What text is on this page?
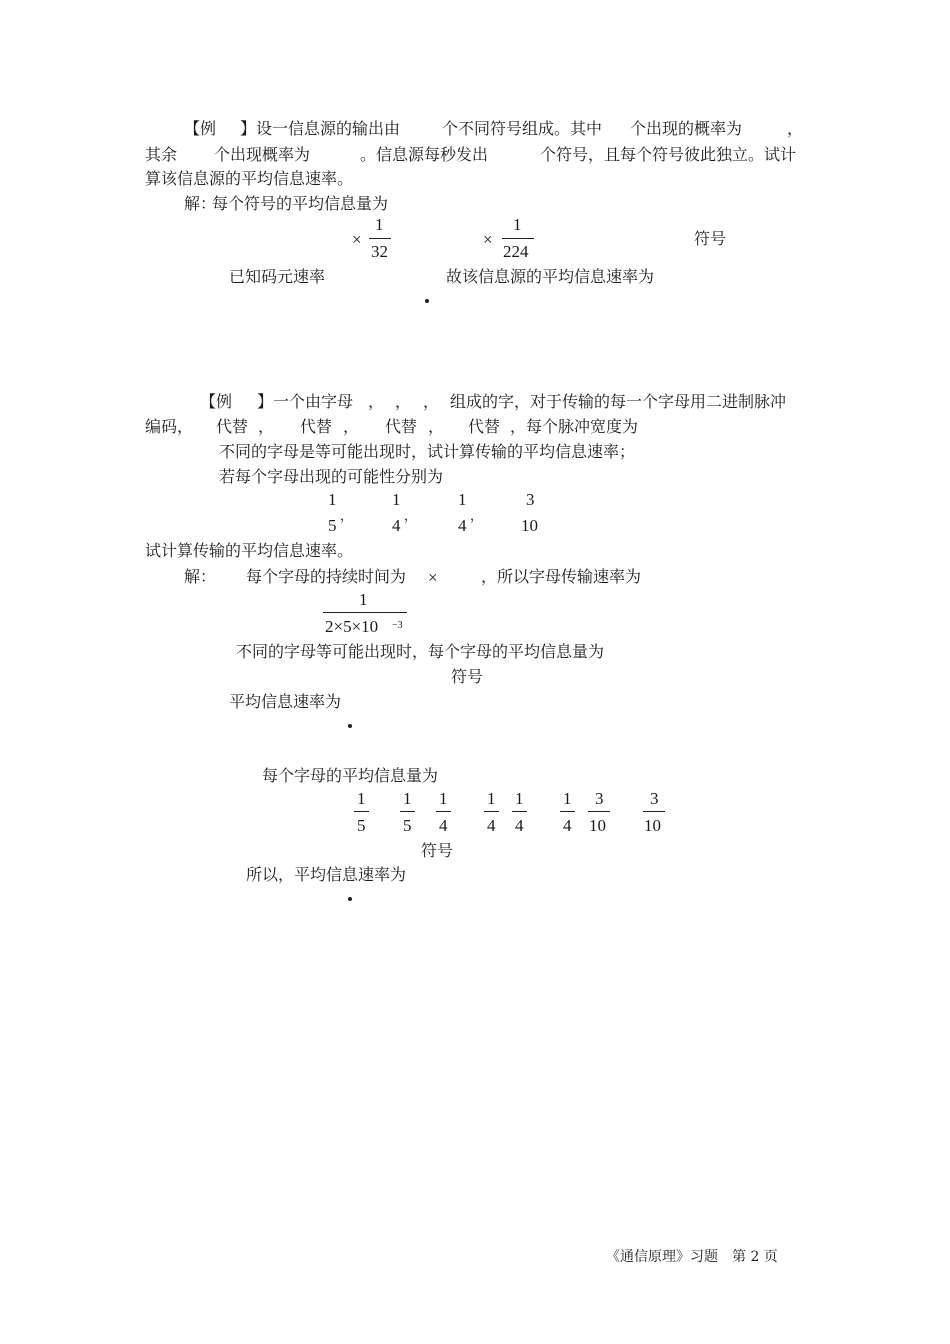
【例 】设一信息源的输出由	个不同符号组成。其中 个出现的概率为	，
其余 个出现概率为	。信息源每秒发出	个符号，且每个符号彼此独立。试计
算该信息源的平均信息速率。
解：
每个符号的平均信息量为
×
1
32
×
1
224
符号
已知码元速率	故该信息源的平均信息速率为
【例 】一个由字母 ， ， ， 组成的字，对于传输的每一个字母用二进制脉冲
编码， 代替 ， 代替 ， 代替 ， 代替 ，每个脉冲宽度为
不同的字母是等可能出现时，试计算传输的平均信息速率；
若每个字母出现的可能性分别为
1
5 ，
1
4 ，
1
4 ，
3
10
试计算传输的平均信息速率。
解： 每个字母的持续时间为 ×	，所以字母传输速率为
1
2×5×10 −3
不同的字母等可能出现时，每个字母的平均信息量为
符号
平均信息速率为
每个字母的平均信息量为
1
5
1
5
1
4
1
4
1
4
1
4
3
10
3
10
符号
所以，平均信息速率为
《通信原理》习题　第 2 页
